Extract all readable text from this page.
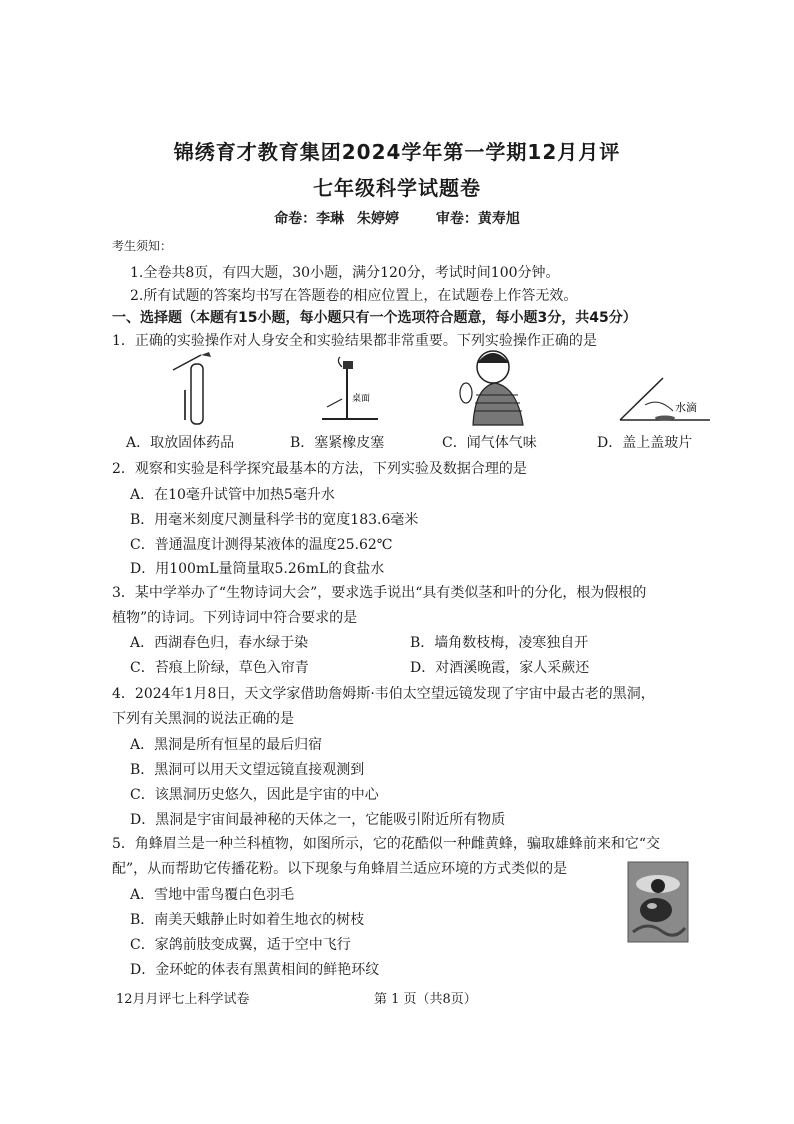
锦绣育才教育集团2024学年第一学期12月月评
七年级科学试题卷
命卷：李琳 朱婷婷	审卷：黄寿旭
考生须知：
1.全卷共8页，有四大题，30小题，满分120分，考试时间100分钟。
2.所有试题的答案均书写在答题卷的相应位置上，在试题卷上作答无效。
一、选择题（本题有15小题，每小题只有一个选项符合题意，每小题3分，共45分）
1．正确的实验操作对人身安全和实验结果都非常重要。下列实验操作正确的是
桌面
水滴
A．取放固体药品	B．塞紧橡皮塞	C．闻气体气味	D．盖上盖玻片
2．观察和实验是科学探究最基本的方法，下列实验及数据合理的是
A．在10毫升试管中加热5毫升水
B．用毫米刻度尺测量科学书的宽度183.6毫米
C．普通温度计测得某液体的温度25.62℃
D．用100mL量筒量取5.26mL的食盐水
3．某中学举办了“生物诗词大会”，要求选手说出“具有类似茎和叶的分化，根为假根的
植物”的诗词。下列诗词中符合要求的是
A．西湖春色归，春水绿于染	B．墙角数枝梅，凌寒独自开
C．苔痕上阶绿，草色入帘青	D．对酒溪晚霞，家人采蕨还
4．2024年1月8日，天文学家借助詹姆斯·韦伯太空望远镜发现了宇宙中最古老的黑洞，
下列有关黑洞的说法正确的是
A．黑洞是所有恒星的最后归宿
B．黑洞可以用天文望远镜直接观测到
C．该黑洞历史悠久，因此是宇宙的中心
D．黑洞是宇宙间最神秘的天体之一，它能吸引附近所有物质
5．角蜂眉兰是一种兰科植物，如图所示，它的花酷似一种雌黄蜂，骗取雄蜂前来和它“交
配”，从而帮助它传播花粉。以下现象与角蜂眉兰适应环境的方式类似的是
A．雪地中雷鸟覆白色羽毛
B．南美天蛾静止时如着生地衣的树枝
C．家鸽前肢变成翼，适于空中飞行
D．金环蛇的体表有黑黄相间的鲜艳环纹
12月月评七上科学试卷	第 1 页（共8页）
